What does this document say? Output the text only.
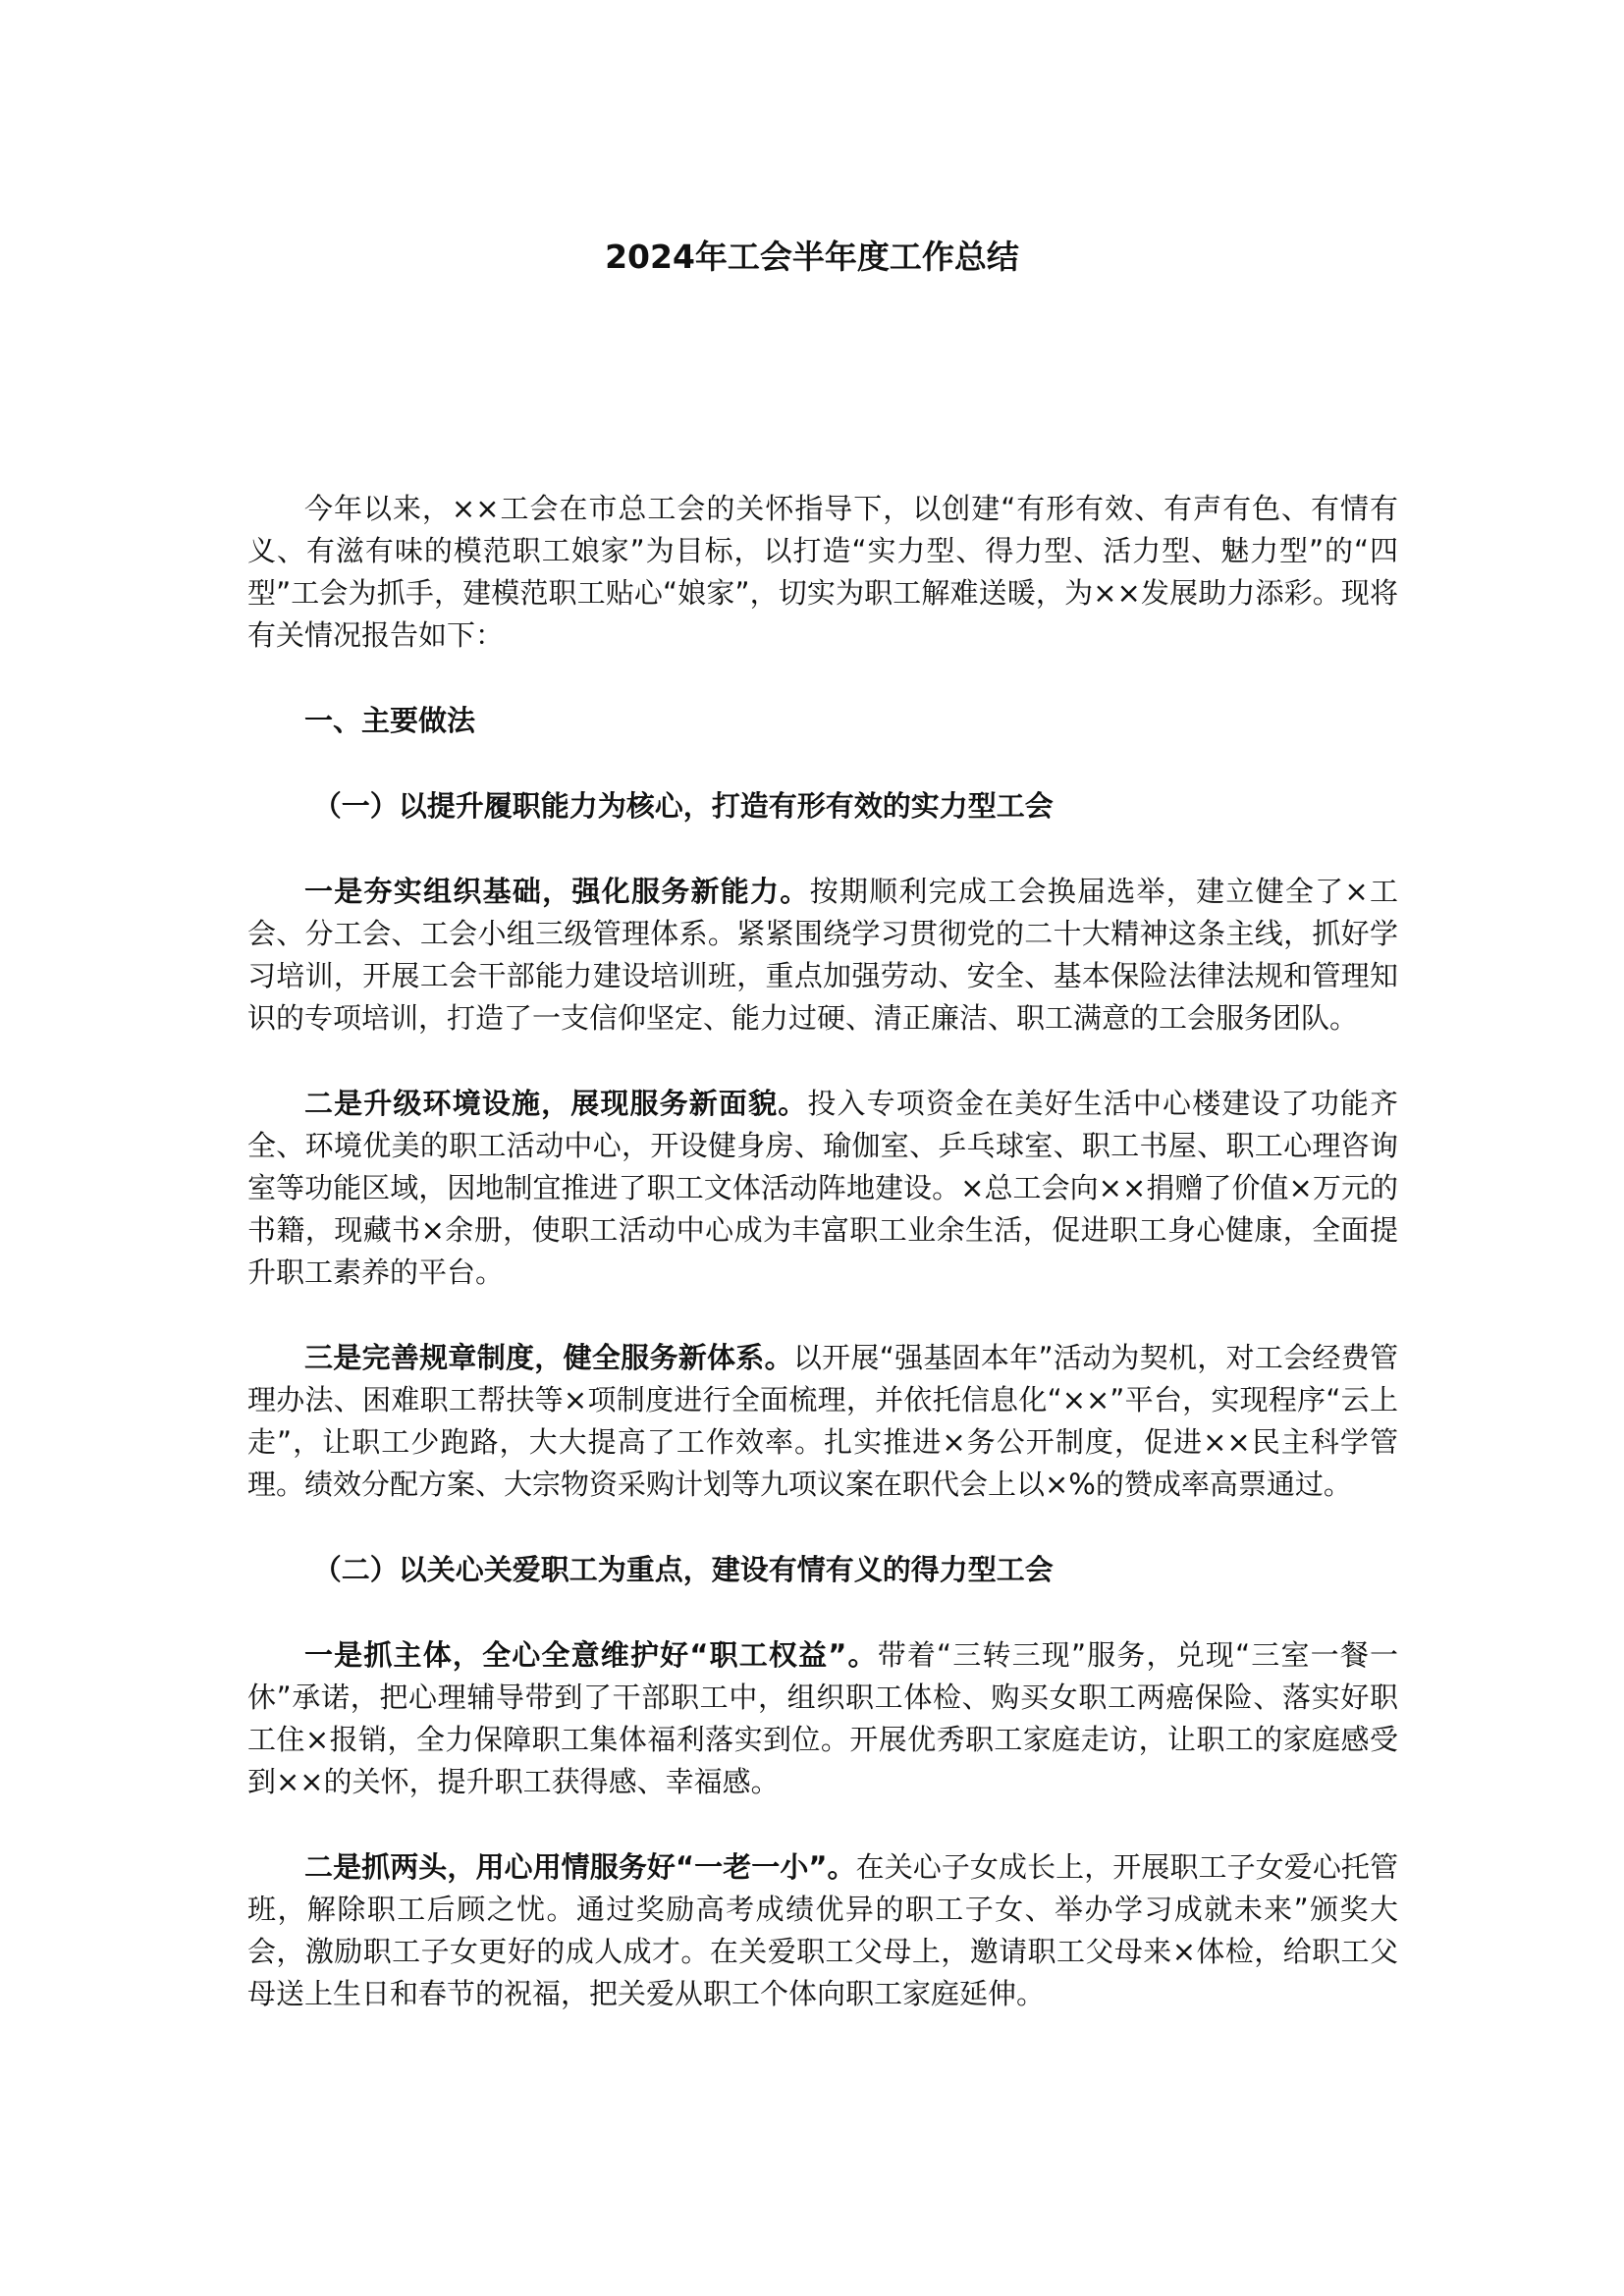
2024年工会半年度工作总结

今年以来，××工会在市总工会的关怀指导下，以创建“有形有效、有声有色、有情有义、有滋有味的模范职工娘家”为目标，以打造“实力型、得力型、活力型、魅力型”的“四型”工会为抓手，建模范职工贴心“娘家”，切实为职工解难送暖，为××发展助力添彩。现将有关情况报告如下：

一、主要做法

（一）以提升履职能力为核心，打造有形有效的实力型工会

一是夯实组织基础，强化服务新能力。按期顺利完成工会换届选举，建立健全了×工会、分工会、工会小组三级管理体系。紧紧围绕学习贯彻党的二十大精神这条主线，抓好学习培训，开展工会干部能力建设培训班，重点加强劳动、安全、基本保险法律法规和管理知识的专项培训，打造了一支信仰坚定、能力过硬、清正廉洁、职工满意的工会服务团队。

二是升级环境设施，展现服务新面貌。投入专项资金在美好生活中心楼建设了功能齐全、环境优美的职工活动中心，开设健身房、瑜伽室、乒乓球室、职工书屋、职工心理咨询室等功能区域，因地制宜推进了职工文体活动阵地建设。×总工会向××捐赠了价值×万元的书籍，现藏书×余册，使职工活动中心成为丰富职工业余生活，促进职工身心健康，全面提升职工素养的平台。

三是完善规章制度，健全服务新体系。以开展“强基固本年”活动为契机，对工会经费管理办法、困难职工帮扶等×项制度进行全面梳理，并依托信息化“××”平台，实现程序“云上走”，让职工少跑路，大大提高了工作效率。扎实推进×务公开制度，促进××民主科学管理。绩效分配方案、大宗物资采购计划等九项议案在职代会上以×%的赞成率高票通过。

（二）以关心关爱职工为重点，建设有情有义的得力型工会

一是抓主体，全心全意维护好“职工权益”。带着“三转三现”服务，兑现“三室一餐一休”承诺，把心理辅导带到了干部职工中，组织职工体检、购买女职工两癌保险、落实好职工住×报销，全力保障职工集体福利落实到位。开展优秀职工家庭走访，让职工的家庭感受到××的关怀，提升职工获得感、幸福感。

二是抓两头，用心用情服务好“一老一小”。在关心子女成长上，开展职工子女爱心托管班，解除职工后顾之忧。通过奖励高考成绩优异的职工子女、举办学习成就未来”颁奖大会，激励职工子女更好的成人成才。在关爱职工父母上，邀请职工父母来×体检，给职工父母送上生日和春节的祝福，把关爱从职工个体向职工家庭延伸。
